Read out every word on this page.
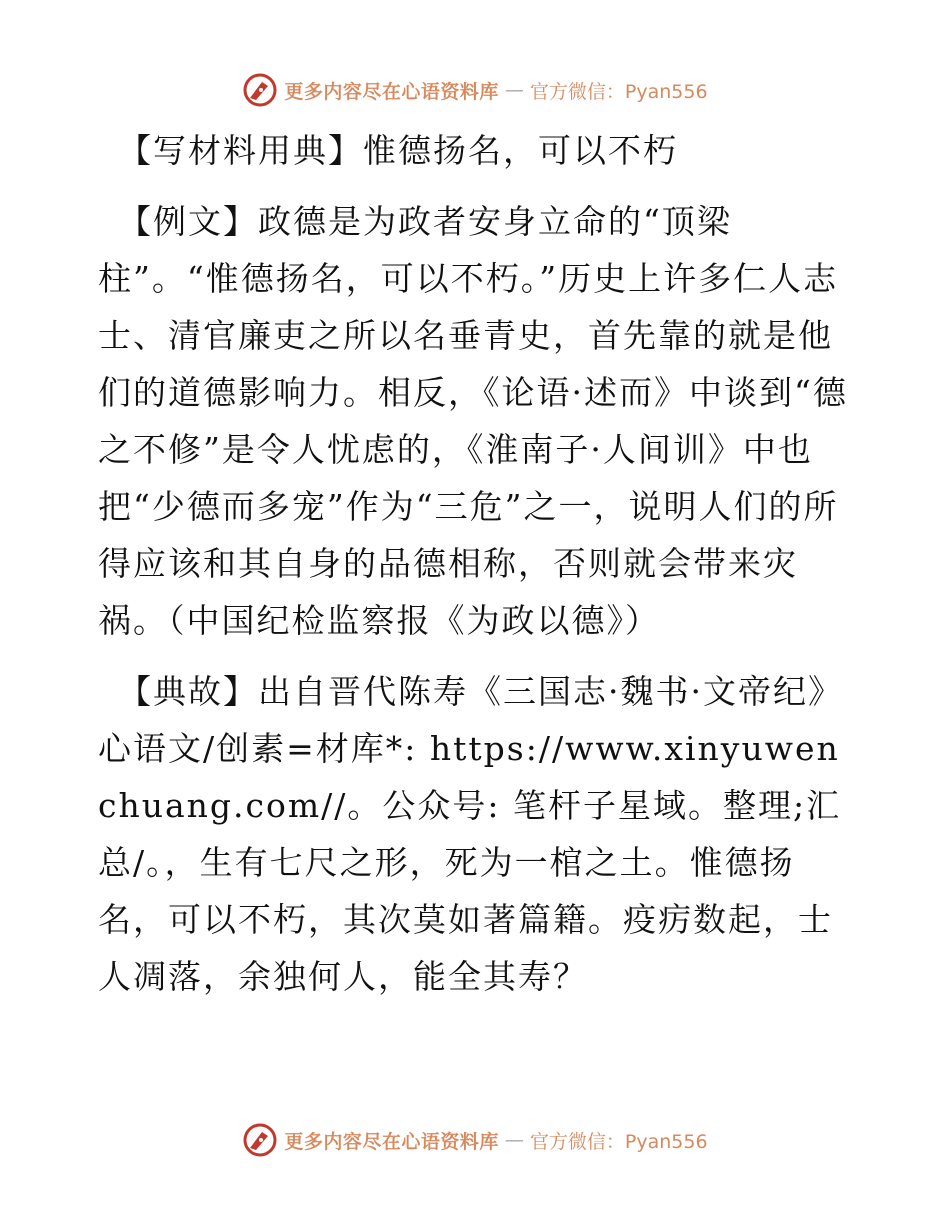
更多内容尽在心语资料库 — 官方微信：Pyan556

【写材料用典】惟德扬名，可以不朽

【例文】政德是为政者安身立命的“顶梁柱”。“惟德扬名，可以不朽。”历史上许多仁人志士、清官廉吏之所以名垂青史，首先靠的就是他们的道德影响力。相反，《论语·述而》中谈到“德之不修”是令人忧虑的，《淮南子·人间训》中也把“少德而多宠”作为“三危”之一，说明人们的所得应该和其自身的品德相称，否则就会带来灾祸。（中国纪检监察报《为政以德》）

【典故】出自晋代陈寿《三国志·魏书·文帝纪》心语文/创素=材库*: https://www.xinyuwenchuang.com//。公众号: 笔杆子星域。整理;汇总/。，生有七尺之形，死为一棺之土。惟德扬名，可以不朽，其次莫如著篇籍。疫疠数起，士人凋落，余独何人，能全其寿？

更多内容尽在心语资料库 — 官方微信：Pyan556
